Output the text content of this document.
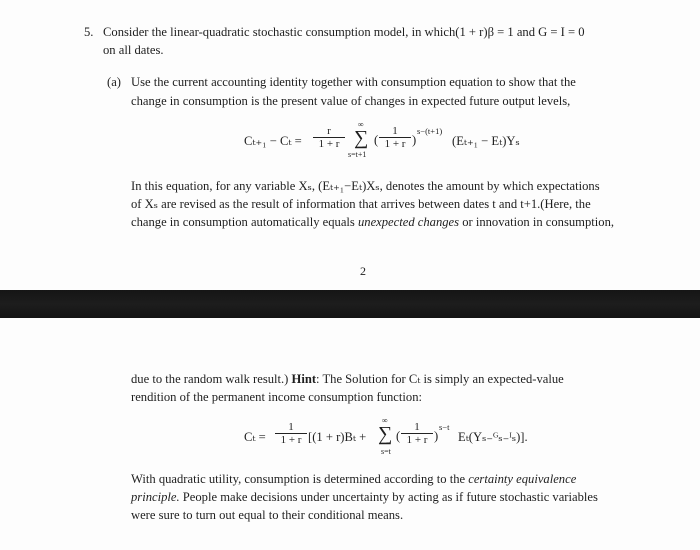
5. Consider the linear-quadratic stochastic consumption model, in which(1 + r)β = 1 and G = I = 0
on all dates.
(a) Use the current accounting identity together with consumption equation to show that the
change in consumption is the present value of changes in expected future output levels,
$C_{t+1} - C_t = \frac{r}{1 + r}$
∞
∑
s=t+1
( $\frac{1}{1 + r}$ )
s−(t+1)
(Eₜ₊₁ − Eₜ)Yₛ
In this equation, for any variable Xₛ, (Eₜ₊₁−Eₜ)Xₛ, denotes the amount by which expectations
of Xₛ are revised as the result of information that arrives between dates t and t+1.(Here, the
change in consumption automatically equals unexpected changes or innovation in consumption,
2
due to the random walk result.) Hint: The Solution for Cₜ is simply an expected-value
rendition of the permanent income consumption function:
$C_t = \frac{1}{1 + r} [(1 + r)B_t$ +
∞
∑
s=t
( $\frac{1}{1 + r}$ )
s−t
Eₜ(Yₛ₋ᴳₛ₋ᴵₛ)].
With quadratic utility, consumption is determined according to the certainty equivalence
principle. People make decisions under uncertainty by acting as if future stochastic variables
were sure to turn out equal to their conditional means.
